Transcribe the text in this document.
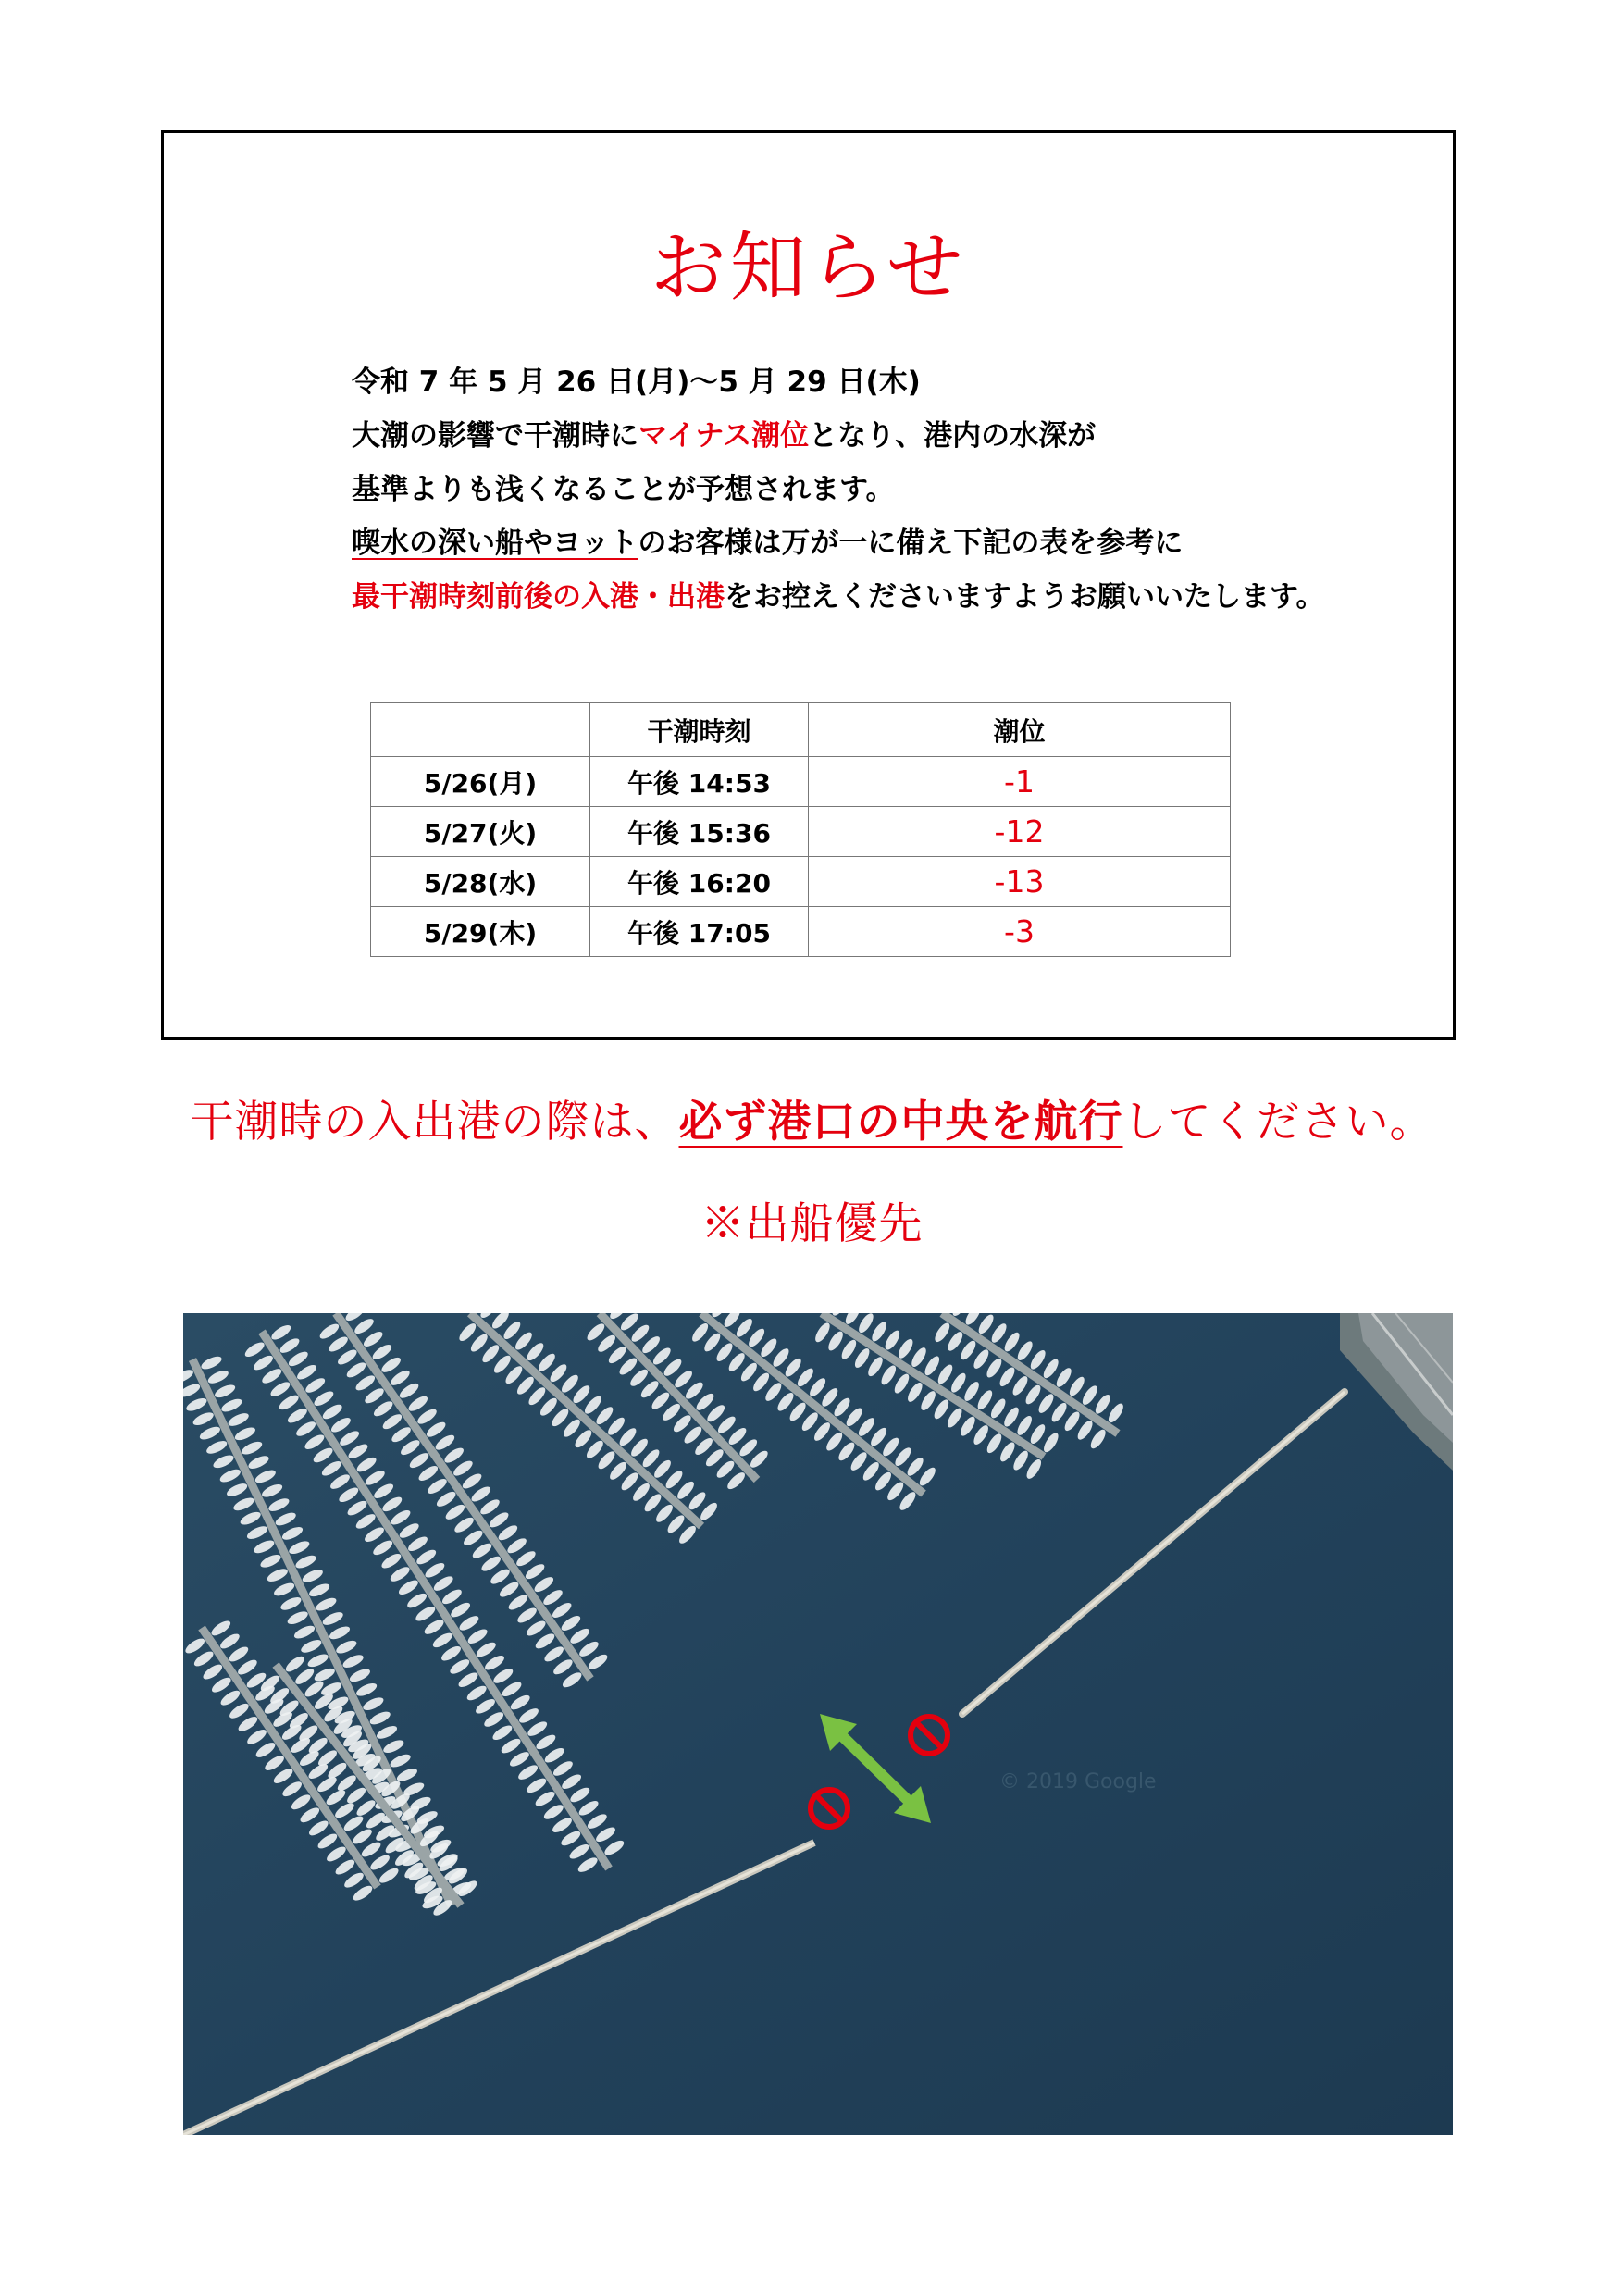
お知らせ
令和 7 年 5 月 26 日(月)～5 月 29 日(木)
大潮の影響で干潮時にマイナス潮位となり、港内の水深が
基準よりも浅くなることが予想されます。
喫水の深い船やヨットのお客様は万が一に備え下記の表を参考に
最干潮時刻前後の入港・出港をお控えくださいますようお願いいたします。
	干潮時刻	潮位
5/26(月)	午後 14:53	-1
5/27(火)	午後 15:36	-12
5/28(水)	午後 16:20	-13
5/29(木)	午後 17:05	-3
干潮時の入出港の際は、必ず港口の中央を航行してください。
※出船優先
© 2019 Google
